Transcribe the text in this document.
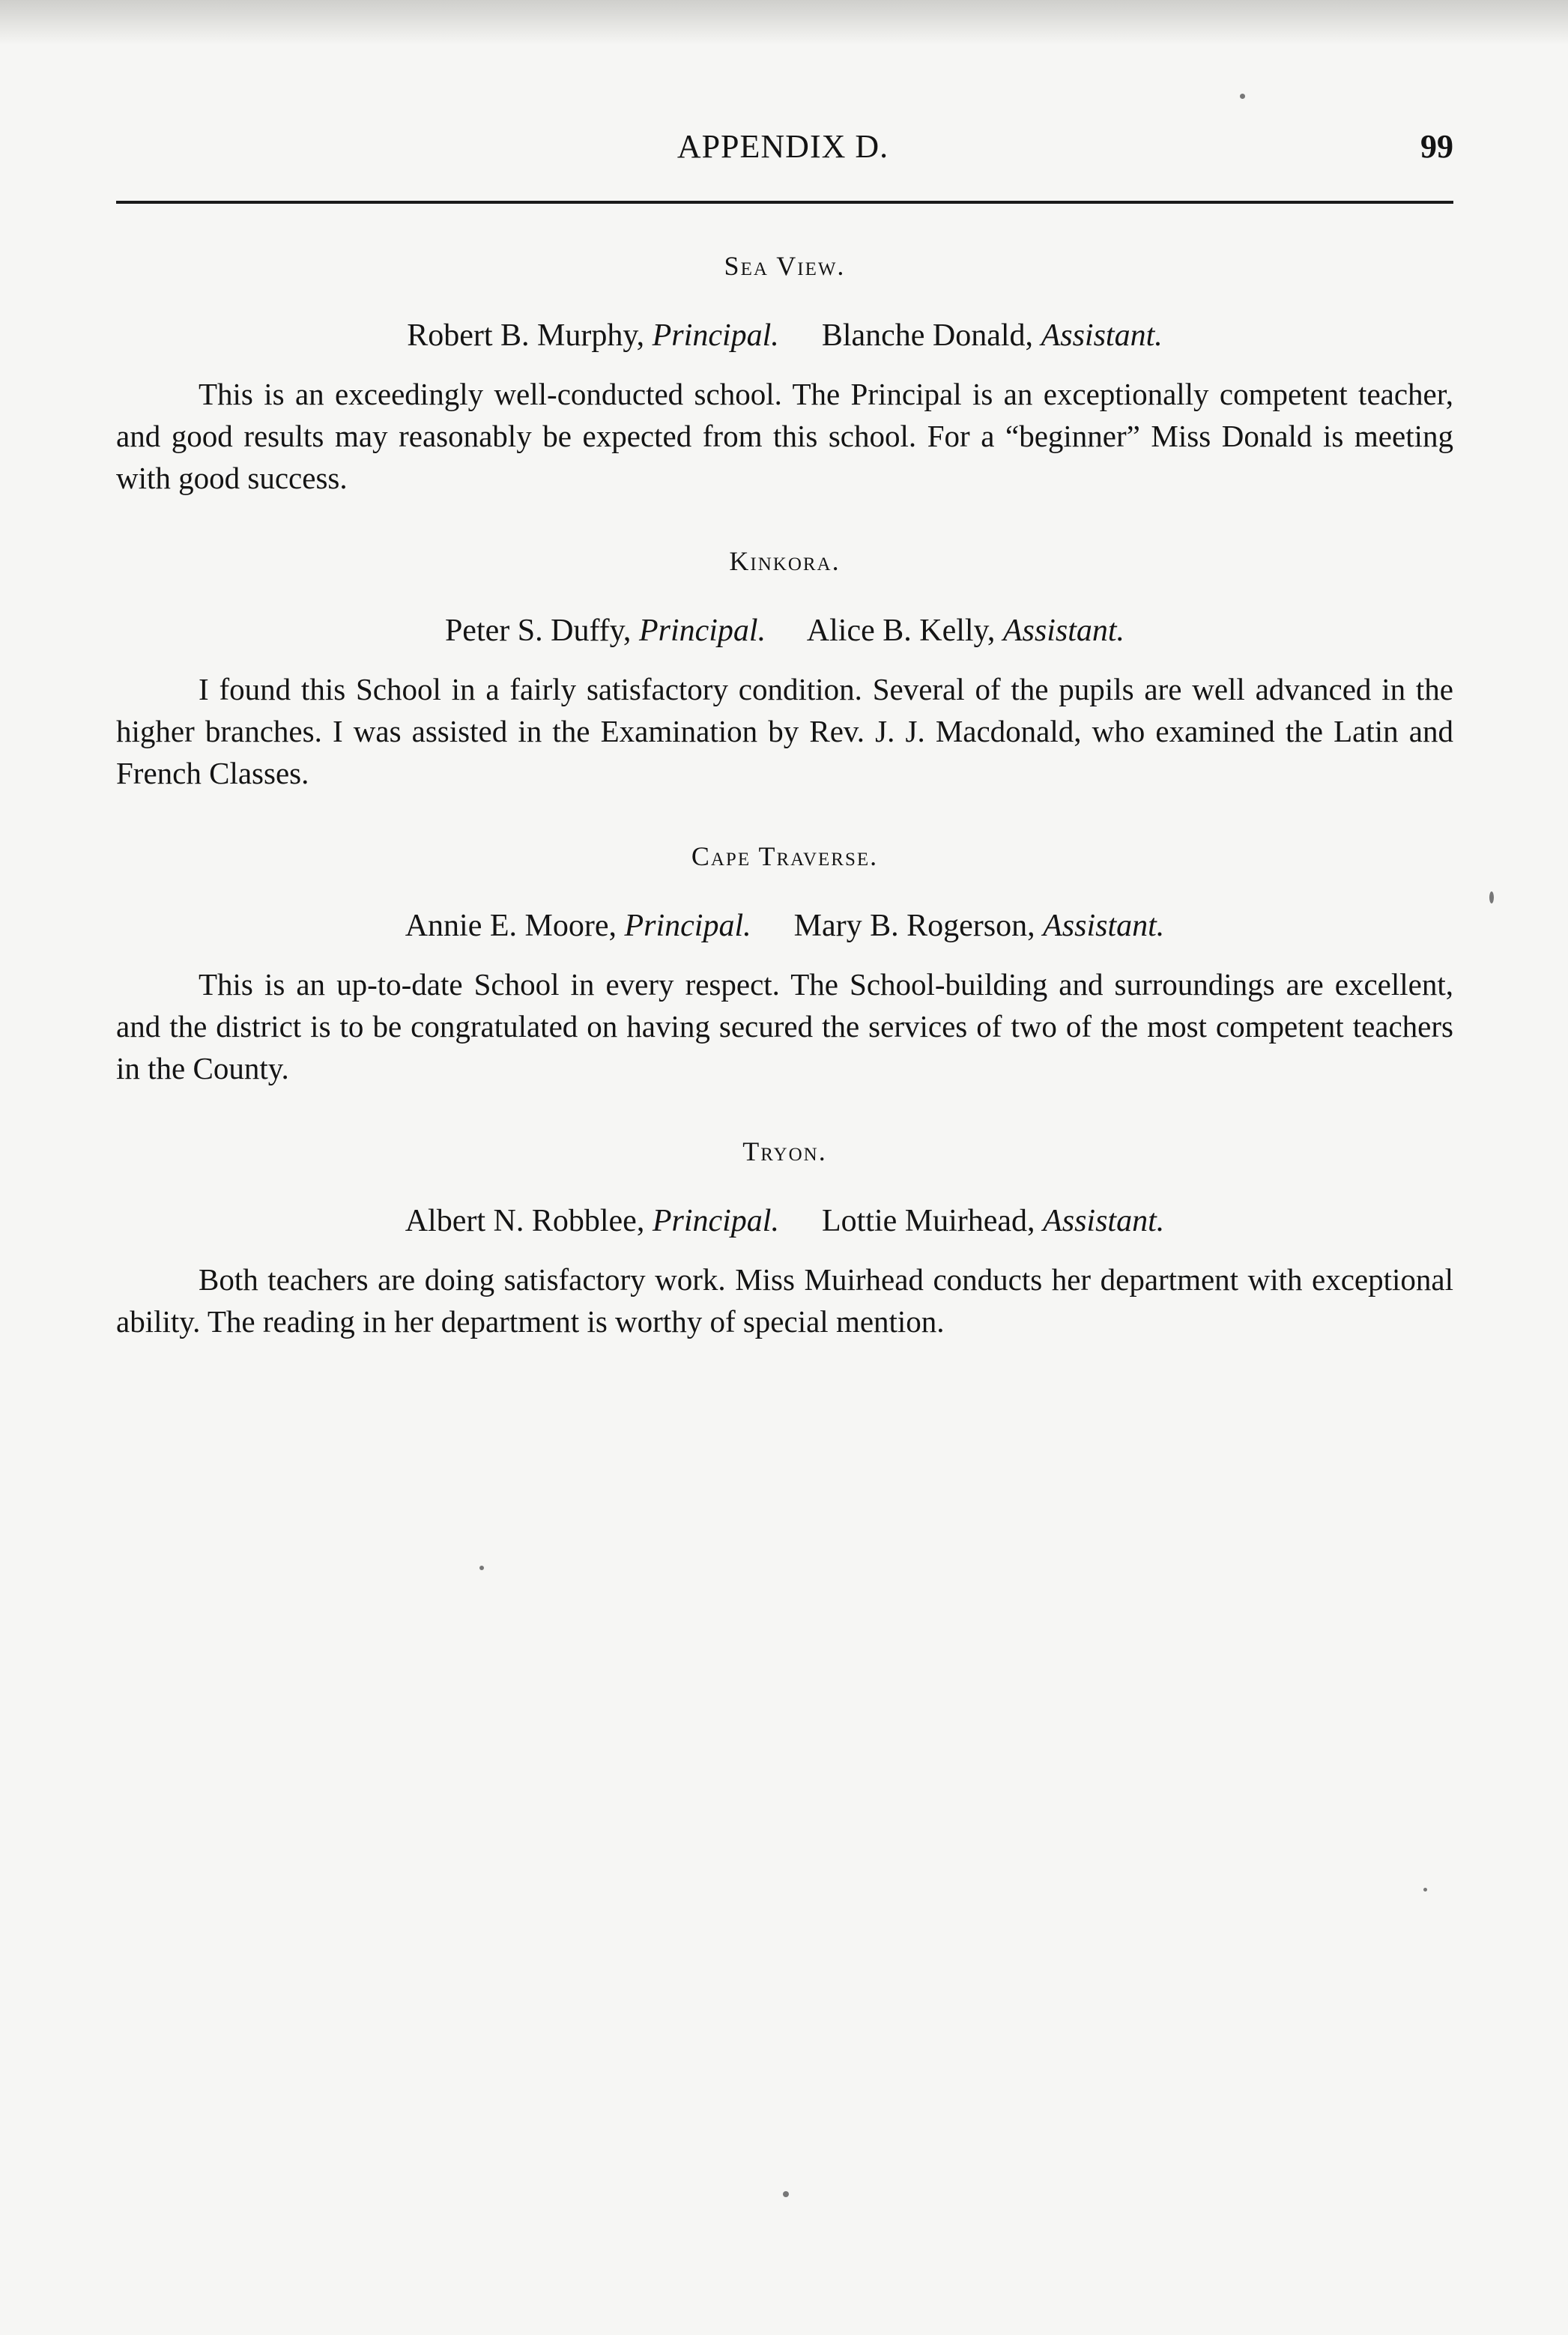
APPENDIX D.	99
Sea View.
Robert B. Murphy, Principal. Blanche Donald, Assistant.

This is an exceedingly well-conducted school. The Principal is an exceptionally competent teacher, and good results may reasonably be expected from this school. For a “beginner” Miss Donald is meeting with good success.

Kinkora.
Peter S. Duffy, Principal. Alice B. Kelly, Assistant.

I found this School in a fairly satisfactory condition. Several of the pupils are well advanced in the higher branches. I was assisted in the Examination by Rev. J. J. Macdonald, who examined the Latin and French Classes.

Cape Traverse.
Annie E. Moore, Principal. Mary B. Rogerson, Assistant.

This is an up-to-date School in every respect. The School-building and surroundings are excellent, and the district is to be congratulated on having secured the services of two of the most competent teachers in the County.

Tryon.
Albert N. Robblee, Principal. Lottie Muirhead, Assistant.

Both teachers are doing satisfactory work. Miss Muirhead conducts her department with exceptional ability. The reading in her department is worthy of special mention.
